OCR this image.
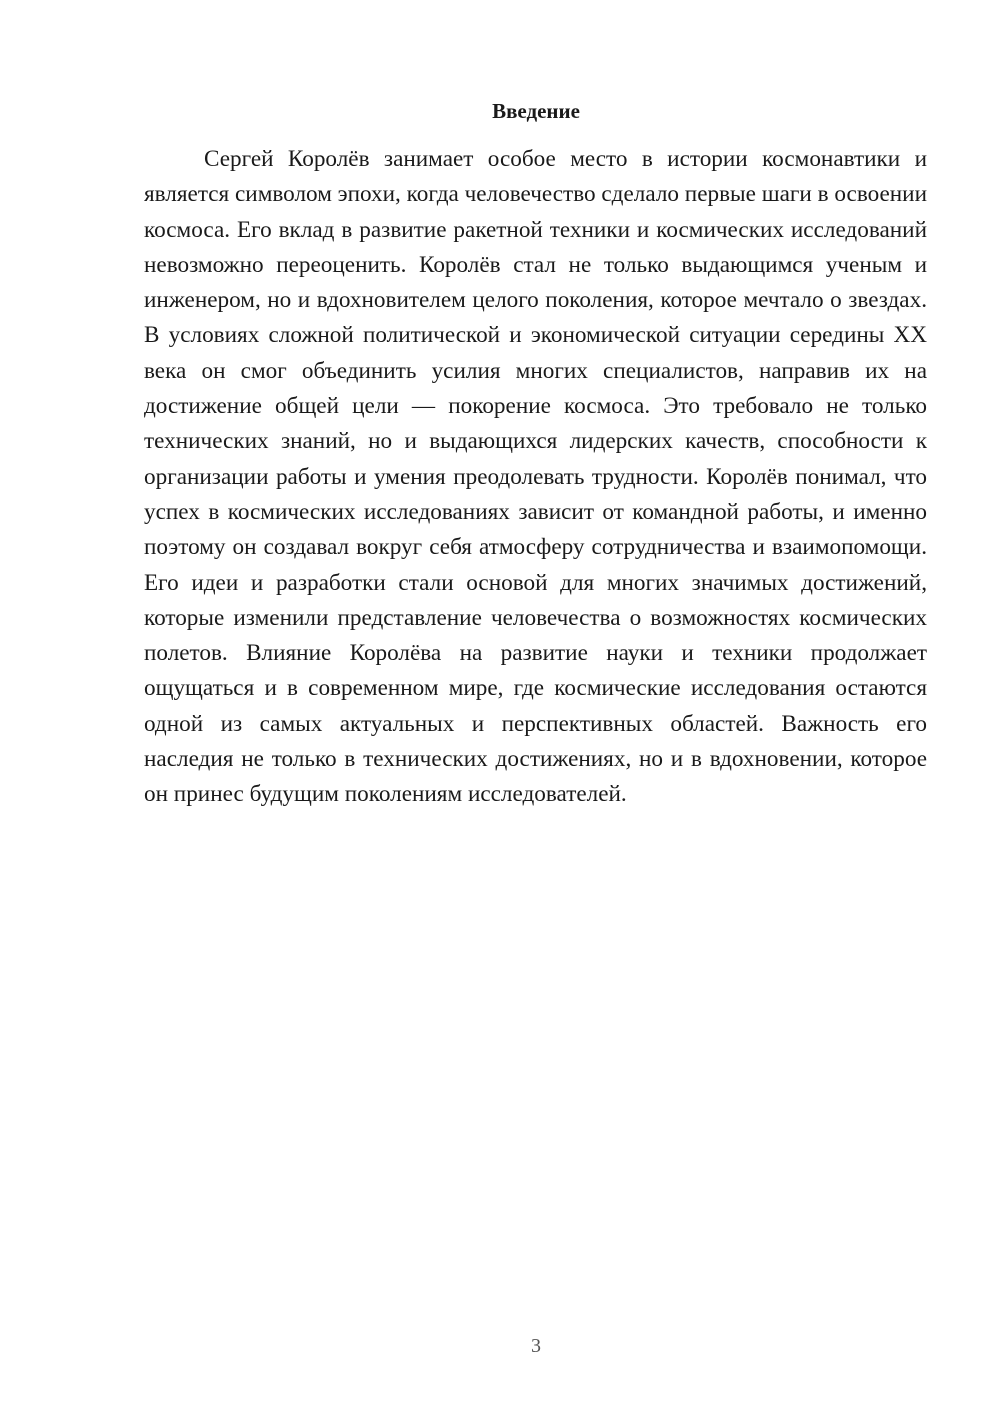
Введение

Сергей Королёв занимает особое место в истории космонавтики и является символом эпохи, когда человечество сделало первые шаги в освоении космоса. Его вклад в развитие ракетной техники и космических исследований невозможно переоценить. Королёв стал не только выдающимся ученым и инженером, но и вдохновителем целого поколения, которое мечтало о звездах. В условиях сложной политической и экономической ситуации середины XX века он смог объединить усилия многих специалистов, направив их на достижение общей цели — покорение космоса. Это требовало не только технических знаний, но и выдающихся лидерских качеств, способности к организации работы и умения преодолевать трудности. Королёв понимал, что успех в космических исследованиях зависит от командной работы, и именно поэтому он создавал вокруг себя атмосферу сотрудничества и взаимопомощи. Его идеи и разработки стали основой для многих значимых достижений, которые изменили представление человечества о возможностях космических полетов. Влияние Королёва на развитие науки и техники продолжает ощущаться и в современном мире, где космические исследования остаются одной из самых актуальных и перспективных областей. Важность его наследия не только в технических достижениях, но и в вдохновении, которое он принес будущим поколениям исследователей.

3
